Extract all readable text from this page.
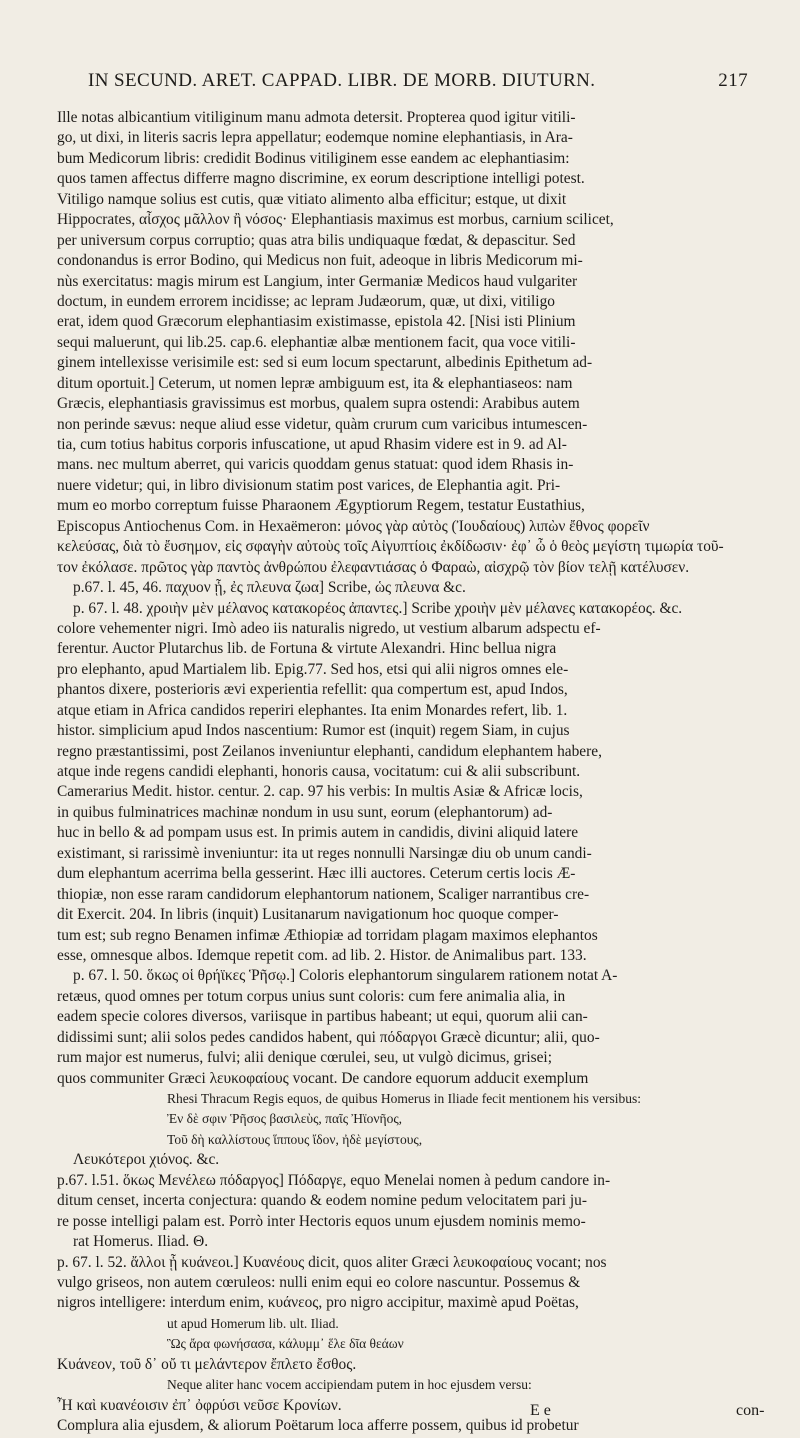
IN SECUND. ARET. CAPPAD. LIBR. DE MORB. DIUTURN.	217
Ille notas albicantium vitiliginum manu admota detersit. Propterea quod igitur vitili-
go, ut dixi, in literis sacris lepra appellatur; eodemque nomine elephantiasis, in Ara-
bum Medicorum libris: credidit Bodinus vitiliginem esse eandem ac elephantiasim:
quos tamen affectus differre magno discrimine, ex eorum descriptione intelligi potest.
Vitiligo namque solius est cutis, quæ vitiato alimento alba efficitur; estque, ut dixit
Hippocrates, αἶσχος μᾶλλον ἢ νόσος· Elephantiasis maximus est morbus, carnium scilicet,
per universum corpus corruptio; quas atra bilis undiquaque fœdat, & depascitur. Sed
condonandus is error Bodino, qui Medicus non fuit, adeoque in libris Medicorum mi-
nùs exercitatus: magis mirum est Langium, inter Germaniæ Medicos haud vulgariter
doctum, in eundem errorem incidisse; ac lepram Judæorum, quæ, ut dixi, vitiligo
erat, idem quod Græcorum elephantiasim existimasse, epistola 42. [Nisi isti Plinium
sequi maluerunt, qui lib.25. cap.6. elephantiæ albæ mentionem facit, qua voce vitili-
ginem intellexisse verisimile est: sed si eum locum spectarunt, albedinis Epithetum ad-
ditum oportuit.] Ceterum, ut nomen lepræ ambiguum est, ita & elephantiaseos: nam
Græcis, elephantiasis gravissimus est morbus, qualem supra ostendi: Arabibus autem
non perinde sævus: neque aliud esse videtur, quàm crurum cum varicibus intumescen-
tia, cum totius habitus corporis infuscatione, ut apud Rhasim videre est in 9. ad Al-
mans. nec multum aberret, qui varicis quoddam genus statuat: quod idem Rhasis in-
nuere videtur; qui, in libro divisionum statim post varices, de Elephantia agit. Pri-
mum eo morbo correptum fuisse Pharaonem Ægyptiorum Regem, testatur Eustathius,
Episcopus Antiochenus Com. in Hexaëmeron: μόνος γὰρ αὐτὸς (Ἰουδαίους) λιπὼν ἔθνος φορεῖν
κελεύσας, διὰ τὸ ἔυσημον, εἰς σφαγὴν αὐτοὺς τοῖς Αἰγυπτίοις ἐκδίδωσιν· ἐφ᾽ ὦ ὁ θεὸς μεγίστη τιμωρία τοῦ-
τον ἐκόλασε. πρῶτος γὰρ παντὸς ἀνθρώπου ἐλεφαντιάσας ὁ Φαραὼ, αἰσχρῷ τὸν βίον τελῇ κατέλυσεν.
p.67. l. 45, 46. παχυον ᾖ, ἐς πλευνα ζωα] Scribe, ὡς πλευνα &c.
p. 67. l. 48. χροιὴν μὲν μέλανος κατακορέος ἀπαντες.] Scribe χροιὴν μὲν μέλανες κατακορέος. &c.
colore vehementer nigri. Imò adeo iis naturalis nigredo, ut vestium albarum adspectu ef-
ferentur. Auctor Plutarchus lib. de Fortuna & virtute Alexandri. Hinc bellua nigra
pro elephanto, apud Martialem lib. Epig.77. Sed hos, etsi qui alii nigros omnes ele-
phantos dixere, posterioris ævi experientia refellit: qua compertum est, apud Indos,
atque etiam in Africa candidos reperiri elephantes. Ita enim Monardes refert, lib. 1.
histor. simplicium apud Indos nascentium: Rumor est (inquit) regem Siam, in cujus
regno præstantissimi, post Zeilanos inveniuntur elephanti, candidum elephantem habere,
atque inde regens candidi elephanti, honoris causa, vocitatum: cui & alii subscribunt.
Camerarius Medit. histor. centur. 2. cap. 97 his verbis: In multis Asiæ & Africæ locis,
in quibus fulminatrices machinæ nondum in usu sunt, eorum (elephantorum) ad-
huc in bello & ad pompam usus est. In primis autem in candidis, divini aliquid latere
existimant, si rarissimè inveniuntur: ita ut reges nonnulli Narsingæ diu ob unum candi-
dum elephantum acerrima bella gesserint. Hæc illi auctores. Ceterum certis locis Æ-
thiopiæ, non esse raram candidorum elephantorum nationem, Scaliger narrantibus cre-
dit Exercit. 204. In libris (inquit) Lusitanarum navigationum hoc quoque comper-
tum est; sub regno Benamen infimæ Æthiopiæ ad torridam plagam maximos elephantos
esse, omnesque albos. Idemque repetit com. ad lib. 2. Histor. de Animalibus part. 133.
p. 67. l. 50. ὅκως οἱ θρήϊκες Ῥῆσῳ.] Coloris elephantorum singularem rationem notat A-
retæus, quod omnes per totum corpus unius sunt coloris: cum fere animalia alia, in
eadem specie colores diversos, variisque in partibus habeant; ut equi, quorum alii can-
didissimi sunt; alii solos pedes candidos habent, qui πόδαργοι Græcè dicuntur; alii, quo-
rum major est numerus, fulvi; alii denique cœrulei, seu, ut vulgò dicimus, grisei;
quos communiter Græci λευκοφαίους vocant. De candore equorum adducit exemplum
Rhesi Thracum Regis equos, de quibus Homerus in Iliade fecit mentionem his versibus:
Ἐν δὲ σφιν Ῥῆσος βασιλεὺς, παῖς Ἠϊονῆος,
Τοῦ δὴ καλλίστους ἵππους ἴδον, ἠδὲ μεγίστους,
Λευκότεροι χιόνος. &c.
p.67. l.51. ὅκως Μενέλεω πόδαργος] Πόδαργε, equo Menelai nomen à pedum candore in-
ditum censet, incerta conjectura: quando & eodem nomine pedum velocitatem pari ju-
re posse intelligi palam est. Porrò inter Hectoris equos unum ejusdem nominis memo-
rat Homerus. Iliad. Θ.
p. 67. l. 52. ἄλλοι ᾖ κυάνεοι.] Κυανέους dicit, quos aliter Græci λευκοφαίους vocant; nos
vulgo griseos, non autem cœruleos: nulli enim equi eo colore nascuntur. Possemus &
nigros intelligere: interdum enim, κυάνεος, pro nigro accipitur, maximè apud Poëtas,
ut apud Homerum lib. ult. Iliad.
Ὣς ἄρα φωνήσασα, κάλυμμ᾽ ἕλε δῖα θεάων
Κυάνεον, τοῦ δ᾽ οὔ τι μελάντερον ἔπλετο ἔσθος.
Neque aliter hanc vocem accipiendam putem in hoc ejusdem versu:
Ἦ καὶ κυανέοισιν ἐπ᾽ ὀφρύσι νεῦσε Κρονίων.
Complura alia ejusdem, & aliorum Poëtarum loca afferre possem, quibus id probetur
E e	con-
